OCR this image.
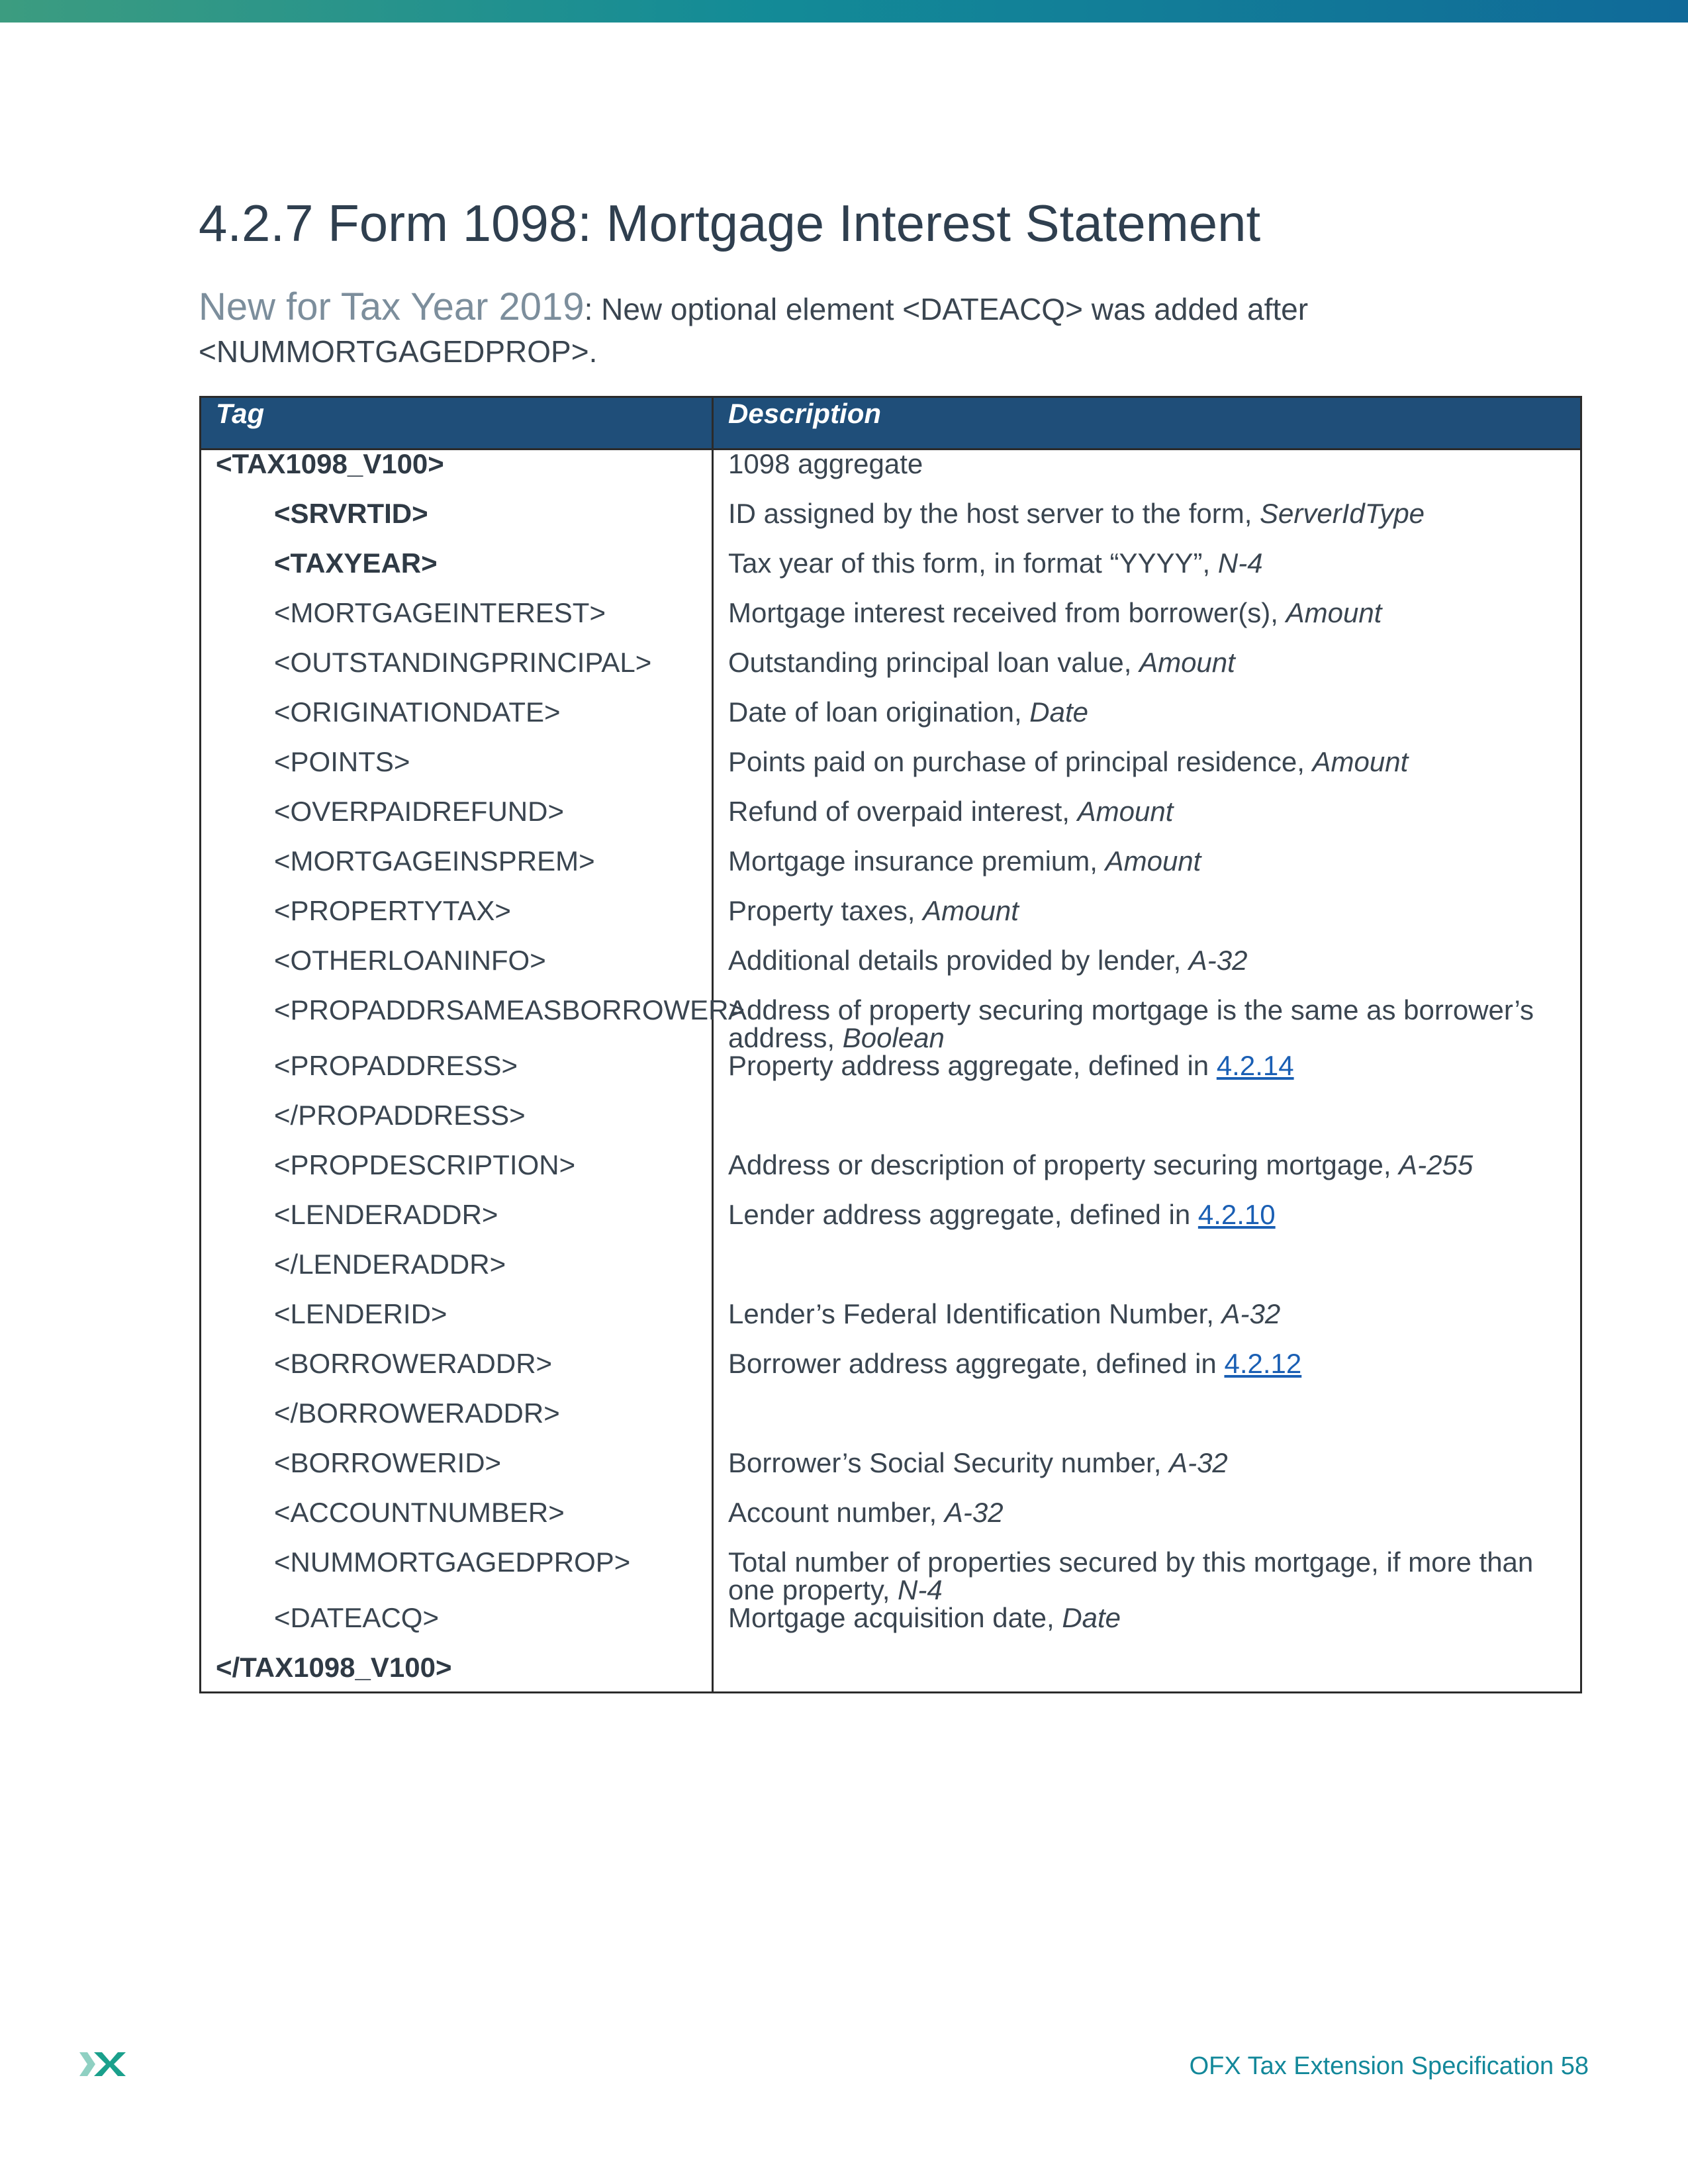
4.2.7 Form 1098: Mortgage Interest Statement
New for Tax Year 2019: New optional element <DATEACQ> was added after <NUMMORTGAGEDPROP>.
Tag	Description
<TAX1098_V100>	1098 aggregate
<SRVRTID>	ID assigned by the host server to the form, ServerIdType
<TAXYEAR>	Tax year of this form, in format “YYYY”, N-4
<MORTGAGEINTEREST>	Mortgage interest received from borrower(s), Amount
<OUTSTANDINGPRINCIPAL>	Outstanding principal loan value, Amount
<ORIGINATIONDATE>	Date of loan origination, Date
<POINTS>	Points paid on purchase of principal residence, Amount
<OVERPAIDREFUND>	Refund of overpaid interest, Amount
<MORTGAGEINSPREM>	Mortgage insurance premium, Amount
<PROPERTYTAX>	Property taxes, Amount
<OTHERLOANINFO>	Additional details provided by lender, A-32
<PROPADDRSAMEASBORROWER>	Address of property securing mortgage is the same as borrower’s address, Boolean
<PROPADDRESS>	Property address aggregate, defined in 4.2.14
</PROPADDRESS>	
<PROPDESCRIPTION>	Address or description of property securing mortgage, A-255
<LENDERADDR>	Lender address aggregate, defined in 4.2.10
</LENDERADDR>	
<LENDERID>	Lender’s Federal Identification Number, A-32
<BORROWERADDR>	Borrower address aggregate, defined in 4.2.12
</BORROWERADDR>	
<BORROWERID>	Borrower’s Social Security number, A-32
<ACCOUNTNUMBER>	Account number, A-32
<NUMMORTGAGEDPROP>	Total number of properties secured by this mortgage, if more than one property, N-4
<DATEACQ>	Mortgage acquisition date, Date
</TAX1098_V100>	
OFX Tax Extension Specification 58
